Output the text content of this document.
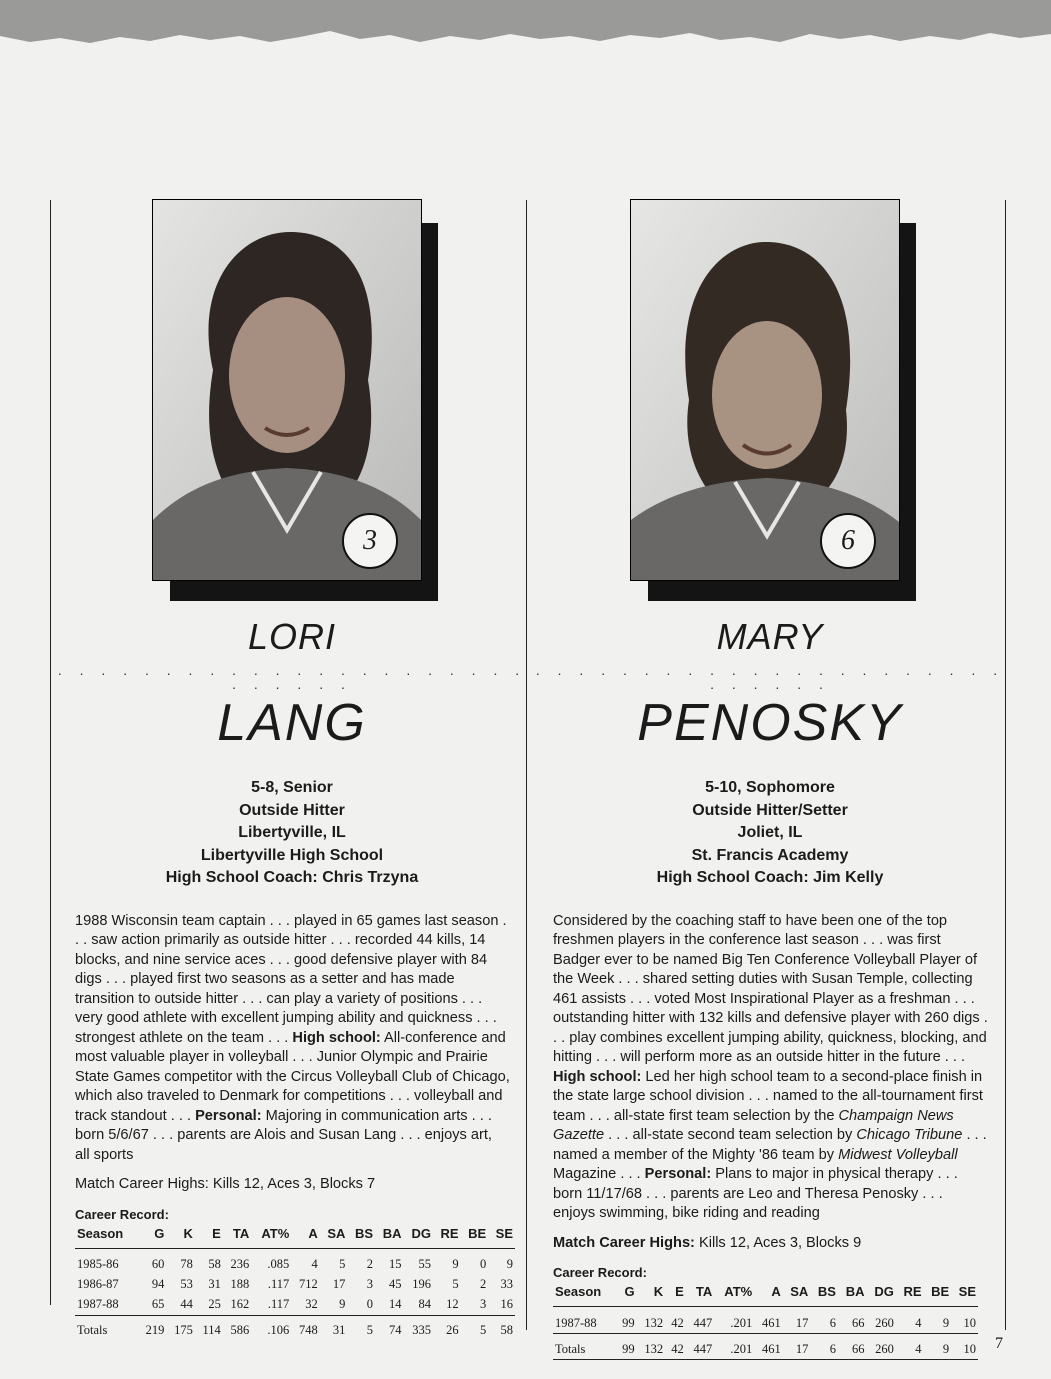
3
LORI
. . . . . . . . . . . . . . . . . . . . . . . . . . . .
LANG
5-8, Senior
Outside Hitter
Libertyville, IL
Libertyville High School
High School Coach: Chris Trzyna
1988 Wisconsin team captain . . . played in 65 games last season . . . saw action primarily as outside hitter . . . recorded 44 kills, 14 blocks, and nine service aces . . . good defensive player with 84 digs . . . played first two seasons as a setter and has made transition to outside hitter . . . can play a variety of positions . . . very good athlete with excellent jumping ability and quickness . . . strongest athlete on the team . . . High school: All-conference and most valuable player in volleyball . . . Junior Olympic and Prairie State Games competitor with the Circus Volleyball Club of Chicago, which also traveled to Denmark for competitions . . . volleyball and track standout . . . Personal: Majoring in communication arts . . . born 5/6/67 . . . parents are Alois and Susan Lang . . . enjoys art, all sports
Match Career Highs: Kills 12, Aces 3, Blocks 7
Career Record:
Season	G	K	E	TA	AT%	A	SA	BS	BA	DG	RE	BE	SE
1985-86	60	78	58	236	.085	4	5	2	15	55	9	0	9
1986-87	94	53	31	188	.117	712	17	3	45	196	5	2	33
1987-88	65	44	25	162	.117	32	9	0	14	84	12	3	16
Totals	219	175	114	586	.106	748	31	5	74	335	26	5	58
6
MARY
. . . . . . . . . . . . . . . . . . . . . . . . . . . .
PENOSKY
5-10, Sophomore
Outside Hitter/Setter
Joliet, IL
St. Francis Academy
High School Coach: Jim Kelly
Considered by the coaching staff to have been one of the top freshmen players in the conference last season . . . was first Badger ever to be named Big Ten Conference Volleyball Player of the Week . . . shared setting duties with Susan Temple, collecting 461 assists . . . voted Most Inspirational Player as a freshman . . . outstanding hitter with 132 kills and defensive player with 260 digs . . . play combines excellent jumping ability, quickness, blocking, and hitting . . . will perform more as an outside hitter in the future . . . High school: Led her high school team to a second-place finish in the state large school division . . . named to the all-tournament first team . . . all-state first team selection by the Champaign News Gazette . . . all-state second team selection by Chicago Tribune . . . named a member of the Mighty '86 team by Midwest Volleyball Magazine . . . Personal: Plans to major in physical therapy . . . born 11/17/68 . . . parents are Leo and Theresa Penosky . . . enjoys swimming, bike riding and reading
Match Career Highs: Kills 12, Aces 3, Blocks 9
Career Record:
Season	G	K	E	TA	AT%	A	SA	BS	BA	DG	RE	BE	SE
1987-88	99	132	42	447	.201	461	17	6	66	260	4	9	10
Totals	99	132	42	447	.201	461	17	6	66	260	4	9	10 7
